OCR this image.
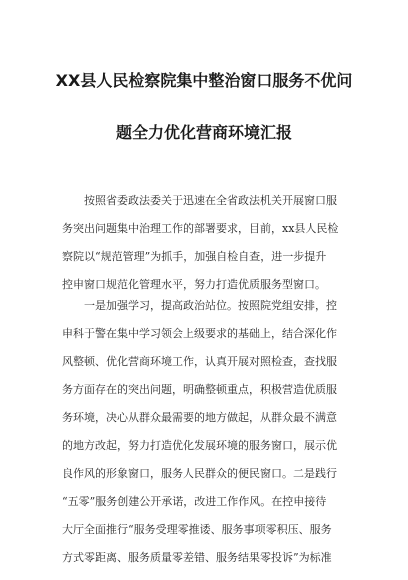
XX县人民检察院集中整治窗口服务不优问
题全力优化营商环境汇报
按照省委政法委关于迅速在全省政法机关开展窗口服
务突出问题集中治理工作的部署要求，目前，xx县人民检
察院以“规范管理”为抓手，加强自检自查，进一步提升
控申窗口规范化管理水平，努力打造优质服务型窗口。
一是加强学习，提高政治站位。按照院党组安排，控
申科于警在集中学习领会上级要求的基础上，结合深化作
风整顿、优化营商环境工作，认真开展对照检查，查找服
务方面存在的突出问题，明确整顿重点，积极营造优质服
务环境，决心从群众最需要的地方做起，从群众最不满意
的地方改起，努力打造优化发展环境的服务窗口，展示优
良作风的形象窗口，服务人民群众的便民窗口。二是践行
“五零”服务创建公开承诺，改进工作作风。在控申接待
大厅全面推行“服务受理零推诿、服务事项零积压、服务
方式零距离、服务质量零差错、服务结果零投诉”为标准
